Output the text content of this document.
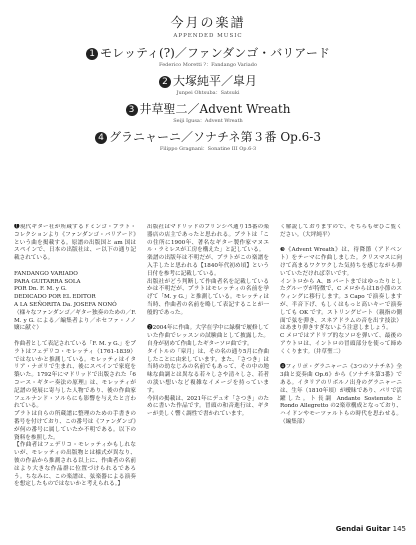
今月の楽譜
APPENDED MUSIC
1 モレッティ(?)／ファンダンゴ・バリアード
Federico Moretti ?：Fandango Variado
2 大塚純平／皐月
Junpei Ohtsuba：Satsuki
3 井草聖二／Advent Wreath
Seiji Igusa：Advent Wreath
4 グラニャーニ／ソナチネ第３番 Op.6-3
Filippo Gragnani：Sonatine III Op.6-3

❶現代ギター社が所蔵するドミンゴ・プラト・コレクションより《ファンダンゴ・バリアード》という曲を掲載する。原譜の出版国と am 国はスペインで、日本の出版社は、ー以下の通り記載されている。

FANDANGO VARIADO

PARA GUITARRA SOLA

POR Dn. F. M. y G.

DEDICADO POR EL EDITOR

A LA SEÑORITA Da. JOSEFA NONÓ

（様々なファンダンゴ／ギター独奏のための／F. M. y G. による／編集者より／ホセファ・ノノ嬢に献ぐ）

作曲者として表記されている「F. M. y G.」をプラトはフェデリコ・モレッティ（1761-1839）ではないかと推測している。モレッティはイタリア・ナポリで生まれ、後にスペインで家庭を築いた。1792年にマドリッドで出版された『6コース・ギター奏法の原理』は、モレッティが記譜の発展に寄与した人物であり、後の作曲家フェルナンド・ソルらにも影響を与えたと言われている。

プラトは自らの所蔵譜に整理のための手書きの番号を付けており、この番号は《ファンダンゴ》が何の番号に属していたか不明である。以下の資料を参照した。

【作曲者はフェデリコ・モレッティかもしれないが、モレッティの出版物とは様式が異なり、彼の作品から推測される以上に、作曲者の名前はより大きな作品群に位置づけられるであろう。ちなみに、この楽譜は、弦楽器による演奏を想定したものではないかと考えられる。】

出版社はマドリッドのプリンシペ通り15番の楽器店の店主であったと思われる。プラトは「この住所に1900年、著名なギター製作家マヌエル・ラミレスが工房を構えた」と記している。

楽譜の出版年は不明だが、プラトがこの楽譜を入手したと思われる【1840年代初め頃】という日付を参考に記載している。

出版社がどう判断して作曲者名を記載しているかは不明だが、プラトはモレッティの名前を挙げて「M. y G.」と推測している。モレッティは当時、作曲者の名前を略して表記することが一般的であった。

❷2004年に作曲。大学在学中に緑樹で履修していた作曲でレッスンの試験曲として披露した。自身が初めて作曲したギターソロ曲です。

タイトルの「皐月」は、その名の通り5月に作曲したことに由来しています。また、「さつき」は当時の幼なじみの名前でもあって、その中の地味な曲調とは異なる若々しさや清々しさ、若者の淡い想いなど複雑なイメージを持っています。

今回の掲載は、2021年にデュオ「さつき」のために書いた作品です。冒頭の和音進行は、ギターが美しく響く調性で書かれています。

く解説しておりますので、そちらもぜひご覧ください。（大坪純平）

❸《Advent Wreath》は、待降節（アドベント）をテーマに作曲しました。クリスマスに向けて高まるワクワクした気持ちを感じながら弾いていただければ幸いです。

イントロから A、B パートまではゆったりとしたグルーヴが特徴で、C メロからは18小節のスウィングに移行します。3 Capo で演奏しますが、半音下げ、もしくはもっと高いキーで演奏しても OK です。ストリングビート（親指の側面で弦を弾き、スネアドラムの音を出す技法）はあまり弾きすぎないよう注意しましょう。

C メロではアドリブ的なソロを弾いて、最後のアウトロは、イントロの冒頭部分を使って締めくくります。（井草聖二）

❹フィリポ・グラニャーニ《3つのソナチネ》全3曲と変奏曲 Op.6》から《ソナチネ第3番》である。イタリアのリボルノ出身のグラニャーニは、生年（1810年頃）が曖昧であり、パリで活躍した。ト長調 Andante Sostenuto と Rondo Allegretto の2楽章構成となっており、ハイドンやモーツァルトらの時代を思わせる。（編集部）

Gendai Guitar 145
